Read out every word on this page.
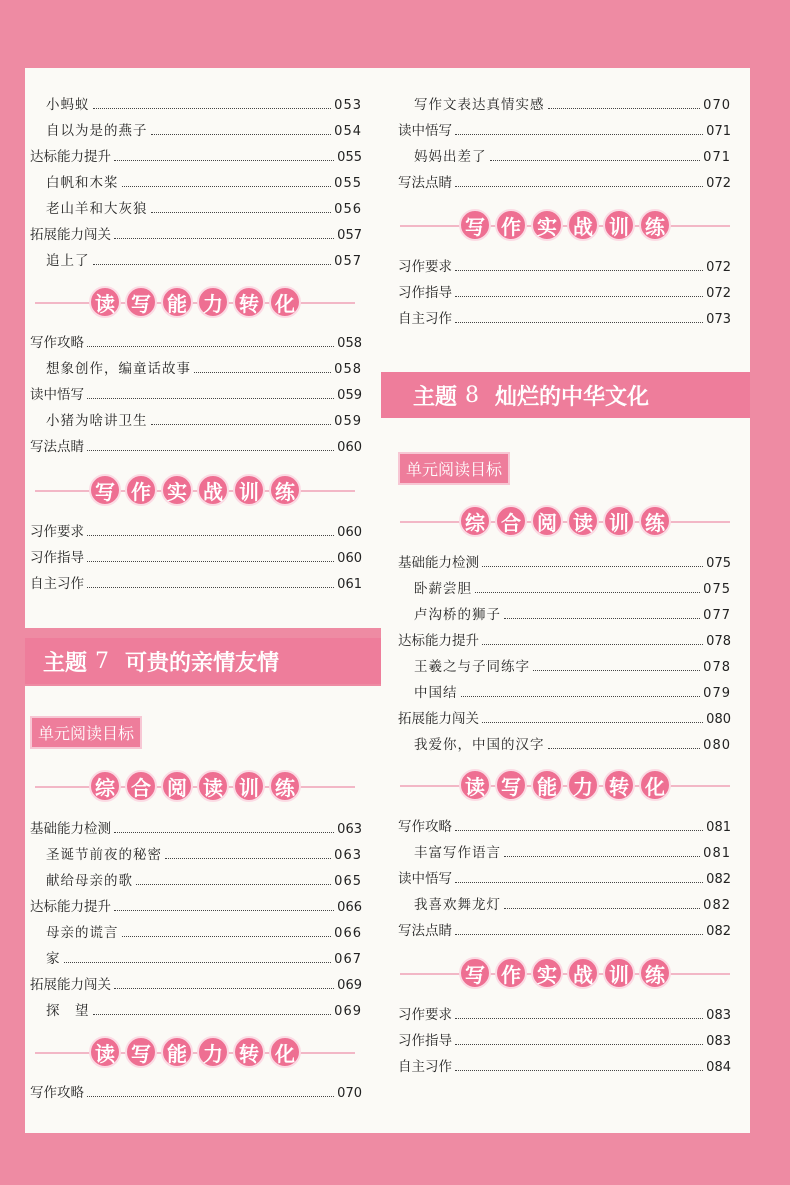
主题 7 可贵的亲情友情
主题 8 灿烂的中华文化
单元阅读目标
单元阅读目标
小蚂蚁	053
自以为是的燕子	054
达标能力提升	055
白帆和木桨	055
老山羊和大灰狼	056
拓展能力闯关	057
追上了	057
读 写 能 力 转 化
写作攻略	058
想象创作，编童话故事	058
读中悟写	059
小猪为啥讲卫生	059
写法点睛	060
写 作 实 战 训 练
习作要求	060
习作指导	060
自主习作	061
综 合 阅 读 训 练
基础能力检测	063
圣诞节前夜的秘密	063
献给母亲的歌	065
达标能力提升	066
母亲的谎言	066
家	067
拓展能力闯关	069
探　望	069
读 写 能 力 转 化
写作攻略	070
写作文表达真情实感	070
读中悟写	071
妈妈出差了	071
写法点睛	072
写 作 实 战 训 练
习作要求	072
习作指导	072
自主习作	073
综 合 阅 读 训 练
基础能力检测	075
卧薪尝胆	075
卢沟桥的狮子	077
达标能力提升	078
王羲之与子同练字	078
中国结	079
拓展能力闯关	080
我爱你，中国的汉字	080
读 写 能 力 转 化
写作攻略	081
丰富写作语言	081
读中悟写	082
我喜欢舞龙灯	082
写法点睛	082
写 作 实 战 训 练
习作要求	083
习作指导	083
自主习作	084
